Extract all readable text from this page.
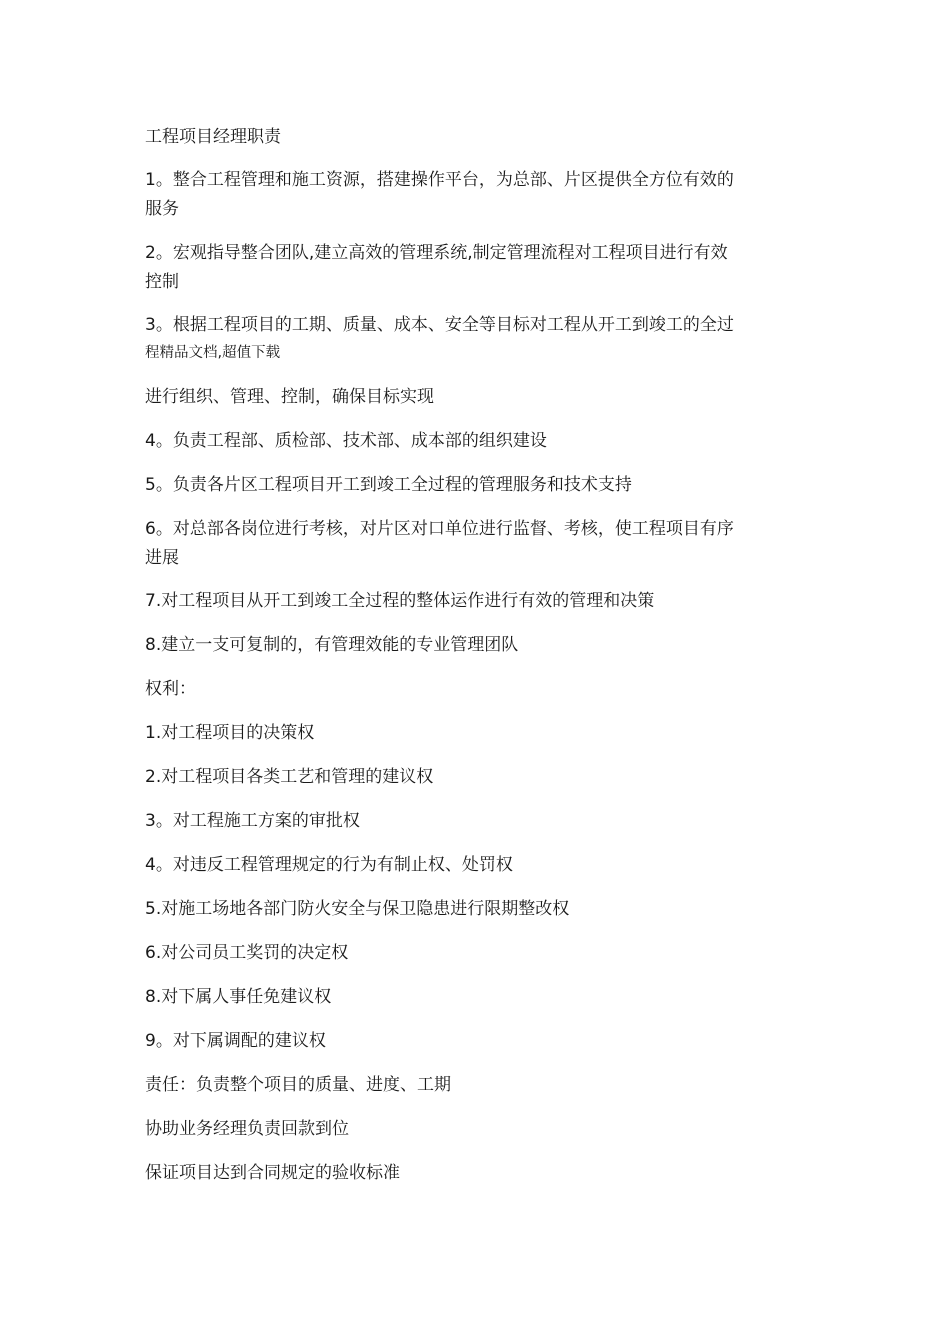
工程项目经理职责
1。整合工程管理和施工资源，搭建操作平台，为总部、片区提供全方位有效的
服务
2。宏观指导整合团队,建立高效的管理系统,制定管理流程对工程项目进行有效
控制
3。根据工程项目的工期、质量、成本、安全等目标对工程从开工到竣工的全过
程精品文档,超值下载
进行组织、管理、控制，确保目标实现
4。负责工程部、质检部、技术部、成本部的组织建设
5。负责各片区工程项目开工到竣工全过程的管理服务和技术支持
6。对总部各岗位进行考核，对片区对口单位进行监督、考核，使工程项目有序
进展
7.对工程项目从开工到竣工全过程的整体运作进行有效的管理和决策
8.建立一支可复制的，有管理效能的专业管理团队
权利：
1.对工程项目的决策权
2.对工程项目各类工艺和管理的建议权
3。对工程施工方案的审批权
4。对违反工程管理规定的行为有制止权、处罚权
5.对施工场地各部门防火安全与保卫隐患进行限期整改权
6.对公司员工奖罚的决定权
8.对下属人事任免建议权
9。对下属调配的建议权
责任：负责整个项目的质量、进度、工期
协助业务经理负责回款到位
保证项目达到合同规定的验收标准
